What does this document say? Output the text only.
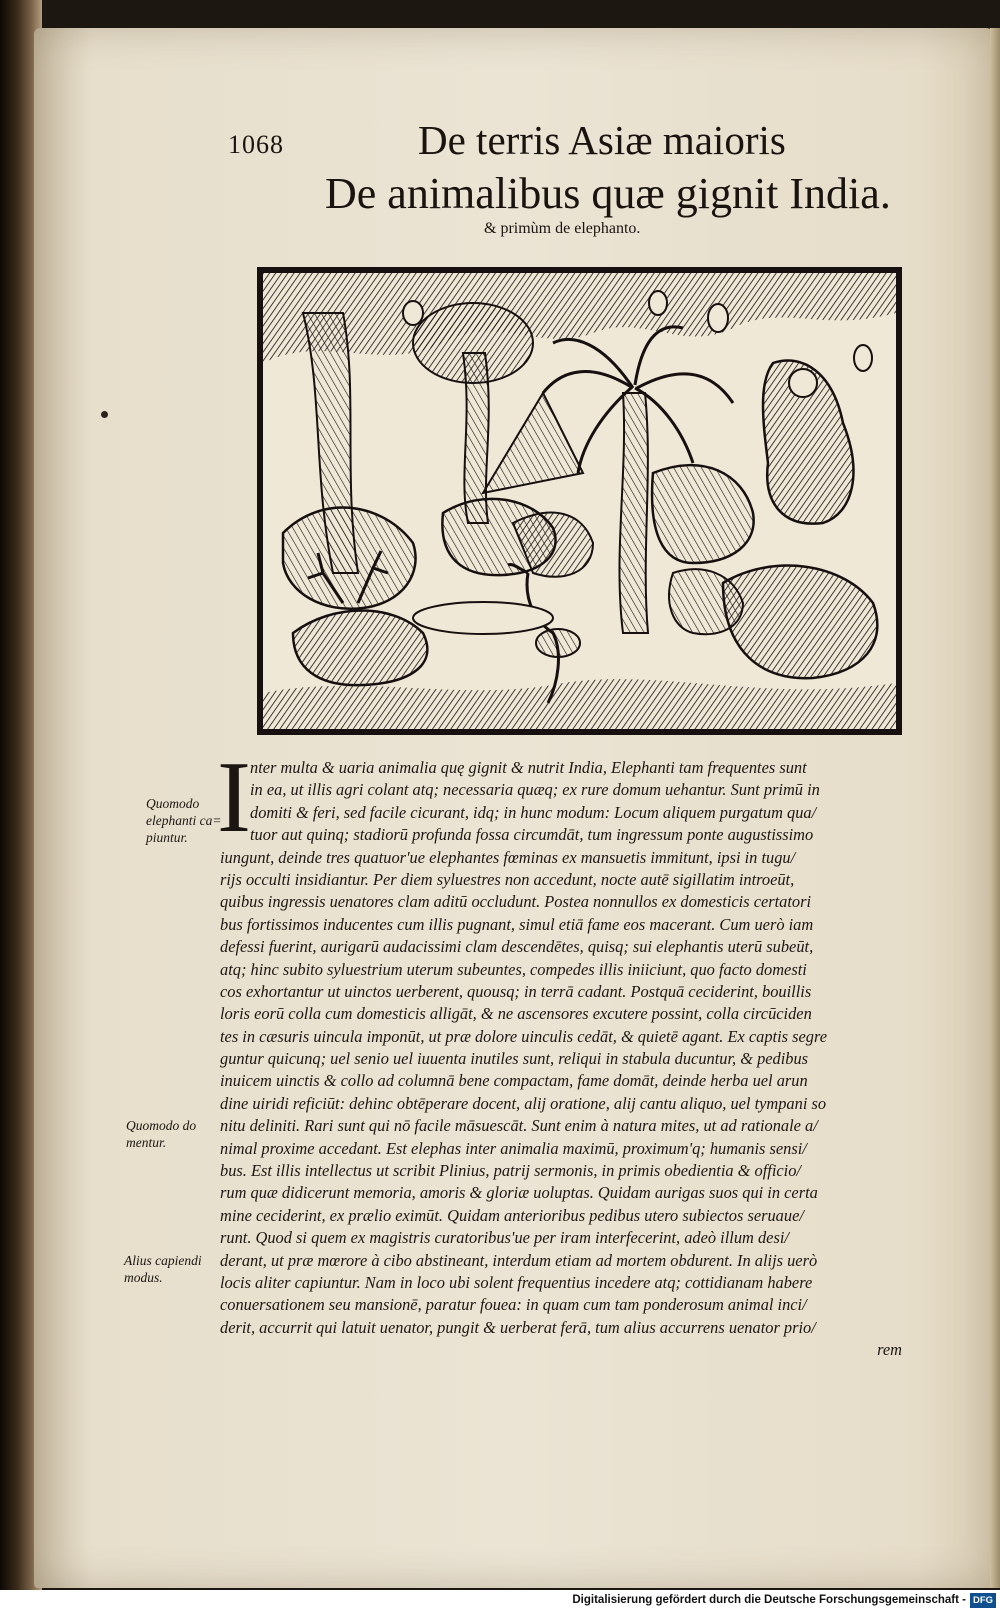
1068	De terris Asiæ maioris
De animalibus quæ gignit India.
& primùm de elephanto.
I nter multa & uaria animalia quę gignit & nutrit India, Elephanti tam frequentes sunt
in ea, ut illis agri colant atq; necessaria quæq; ex rure domum uehantur. Sunt primū in
domiti & feri, sed facile cicurant, idq; in hunc modum: Locum aliquem purgatum qua/
tuor aut quinq; stadiorū profunda fossa circumdāt, tum ingressum ponte augustissimo
iungunt, deinde tres quatuor'ue elephantes fœminas ex mansuetis immitunt, ipsi in tugu/
rijs occulti insidiantur. Per diem syluestres non accedunt, nocte autē sigillatim introeūt,
quibus ingressis uenatores clam aditū occludunt. Postea nonnullos ex domesticis certatori
bus fortissimos inducentes cum illis pugnant, simul etiā fame eos macerant. Cum uerò iam
defessi fuerint, aurigarū audacissimi clam descendētes, quisq; sui elephantis uterū subeūt,
atq; hinc subito syluestrium uterum subeuntes, compedes illis iniiciunt, quo facto domesti
cos exhortantur ut uinctos uerberent, quousq; in terrā cadant. Postquā ceciderint, bouillis
loris eorū colla cum domesticis alligāt, & ne ascensores excutere possint, colla circūciden
tes in cæsuris uincula imponūt, ut præ dolore uinculis cedāt, & quietē agant. Ex captis segre
guntur quicunq; uel senio uel iuuenta inutiles sunt, reliqui in stabula ducuntur, & pedibus
inuicem uinctis & collo ad columnā bene compactam, fame domāt, deinde herba uel arun
dine uiridi reficiūt: dehinc obtēperare docent, alij oratione, alij cantu aliquo, uel tympani so
nitu deliniti. Rari sunt qui nō facile māsuescāt. Sunt enim à natura mites, ut ad rationale a/
nimal proxime accedant. Est elephas inter animalia maximū, proximum'q; humanis sensi/
bus. Est illis intellectus ut scribit Plinius, patrij sermonis, in primis obedientia & officio/
rum quæ didicerunt memoria, amoris & gloriæ uoluptas. Quidam aurigas suos qui in certa
mine ceciderint, ex prælio eximūt. Quidam anterioribus pedibus utero subiectos seruaue/
runt. Quod si quem ex magistris curatoribus'ue per iram interfecerint, adeò illum desi/
derant, ut præ mœrore à cibo abstineant, interdum etiam ad mortem obdurent. In alijs uerò
locis aliter capiuntur. Nam in loco ubi solent frequentius incedere atq; cottidianam habere
conuersationem seu mansionē, paratur fouea: in quam cum tam ponderosum animal inci/
derit, accurrit qui latuit uenator, pungit & uerberat ferā, tum alius accurrens uenator prio/
rem
Quomodo
elephanti ca=
piuntur.
Quomodo do
mentur.
Alius capiendi
modus.
Digitalisierung gefördert durch die Deutsche Forschungsgemeinschaft - DFG
